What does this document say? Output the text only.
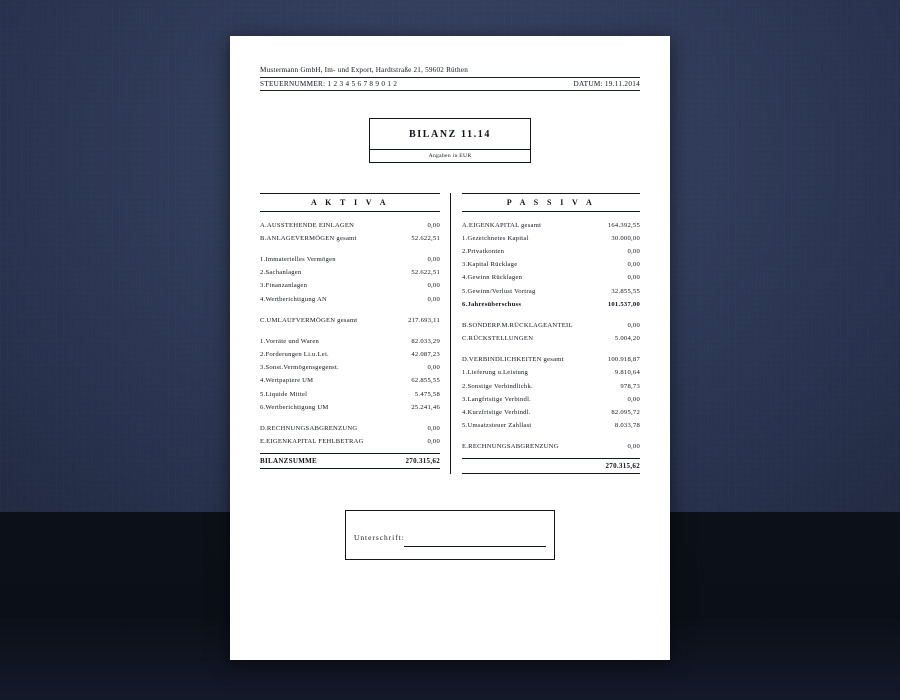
Mustermann GmbH, Im- und Export, Hardtstraße 21, 59602 Rüthen
STEUERNUMMER: 1 2 3 4 5 6 7 8 9 0 1 2	DATUM: 19.11.2014
BILANZ 11.14
Angaben in EUR
A K T I V A
A.AUSSTEHENDE EINLAGEN	0,00
B.ANLAGEVERMÖGEN gesamt	52.622,51
1.Immaterielles Vermögen	0,00
2.Sachanlagen	52.622,51
3.Finanzanlagen	0,00
4.Wertberichtigung AN	0,00
C.UMLAUFVERMÖGEN gesamt	217.693,11
1.Vorräte und Waren	82.033,29
2.Forderungen Li.u.Lei.	42.087,23
3.Sonst.Vermögensgegenst.	0,00
4.Wertpapiere UM	62.855,55
5.Liquide Mittel	5.475,58
6.Wertberichtigung UM	25.241,46
D.RECHNUNGSABGRENZUNG	0,00
E.EIGENKAPITAL FEHLBETRAG	0,00
BILANZSUMME	270.315,62
P A S S I V A
A.EIGENKAPITAL gesamt	164.392,55
1.Gezeichnetes Kapital	30.000,00
2.Privatkonten	0,00
3.Kapital Rücklage	0,00
4.Gewinn Rücklagen	0,00
5.Gewinn/Verlust Vortrag	32.855,55
6.Jahresüberschuss	101.537,00
B.SONDERP.M.RÜCKLAGEANTEIL	0,00
C.RÜCKSTELLUNGEN	5.004,20
D.VERBINDLICHKEITEN gesamt	100.918,87
1.Lieferung u.Leistung	9.810,64
2.Sonstige Verbindlichk.	978,73
3.Langfristige Verbindl.	0,00
4.Kurzfristige Verbindl.	82.095,72
5.Umsatzsteuer Zahllast	8.033,78
E.RECHNUNGSABGRENZUNG	0,00
270.315,62
Unterschrift:
